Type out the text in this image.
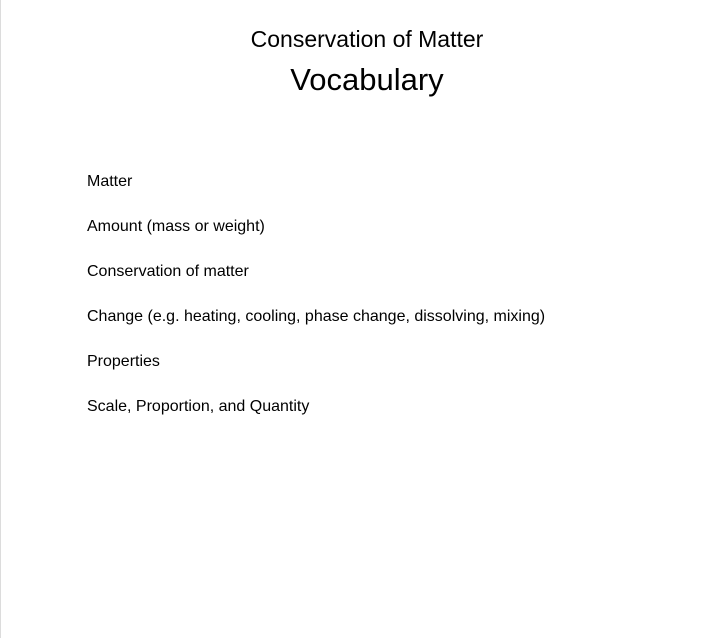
Conservation of Matter
Vocabulary
Matter
Amount (mass or weight)
Conservation of matter
Change (e.g. heating, cooling, phase change, dissolving, mixing)
Properties
Scale, Proportion, and Quantity
